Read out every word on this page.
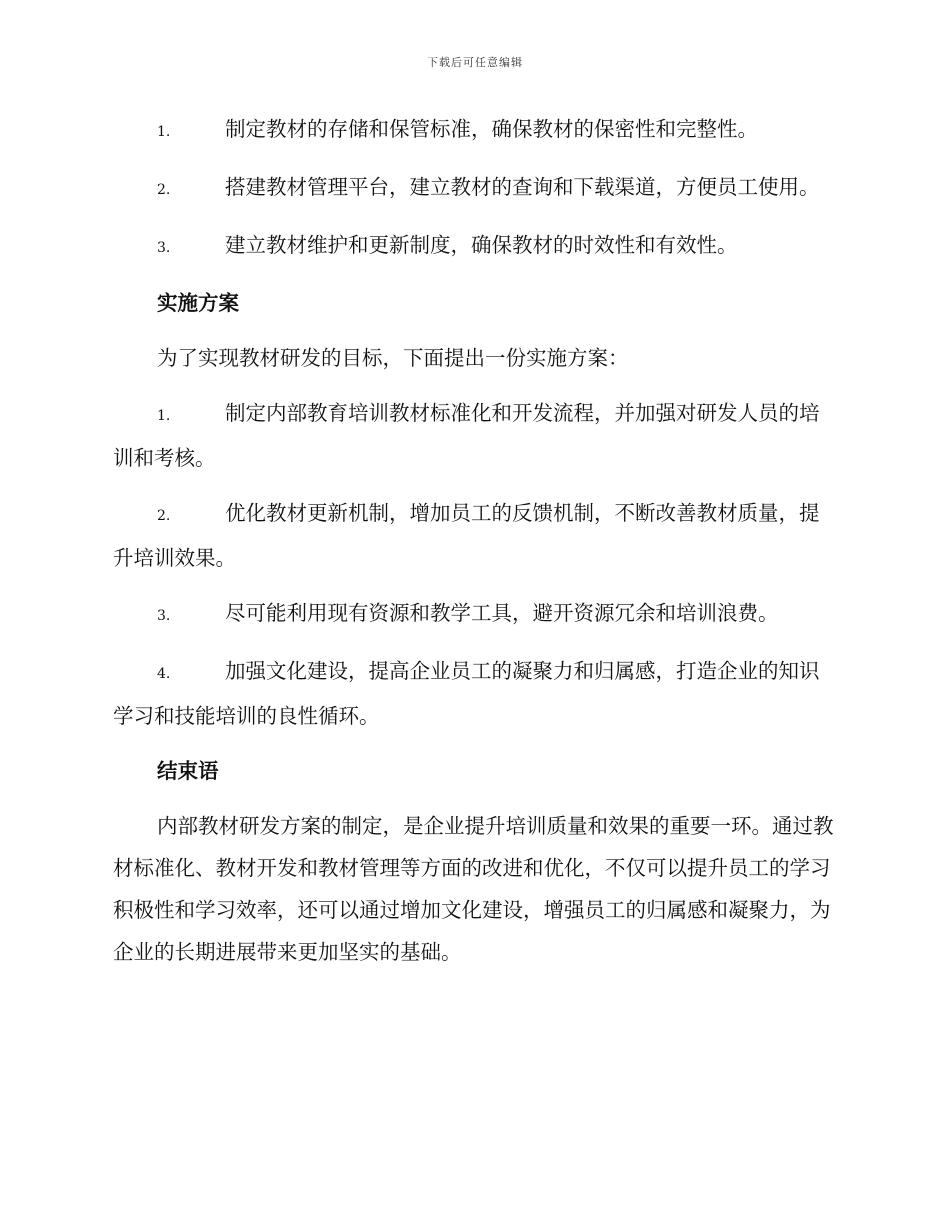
下载后可任意编辑
1.	制定教材的存储和保管标准，确保教材的保密性和完整性。
2.	搭建教材管理平台，建立教材的查询和下载渠道，方便员工使用。
3.	建立教材维护和更新制度，确保教材的时效性和有效性。
实施方案
为了实现教材研发的目标，下面提出一份实施方案：
1.	制定内部教育培训教材标准化和开发流程，并加强对研发人员的培训和考核。
2.	优化教材更新机制，增加员工的反馈机制，不断改善教材质量，提升培训效果。
3.	尽可能利用现有资源和教学工具，避开资源冗余和培训浪费。
4.	加强文化建设，提高企业员工的凝聚力和归属感，打造企业的知识学习和技能培训的良性循环。
结束语
内部教材研发方案的制定，是企业提升培训质量和效果的重要一环。通过教材标准化、教材开发和教材管理等方面的改进和优化，不仅可以提升员工的学习积极性和学习效率，还可以通过增加文化建设，增强员工的归属感和凝聚力，为企业的长期进展带来更加坚实的基础。
